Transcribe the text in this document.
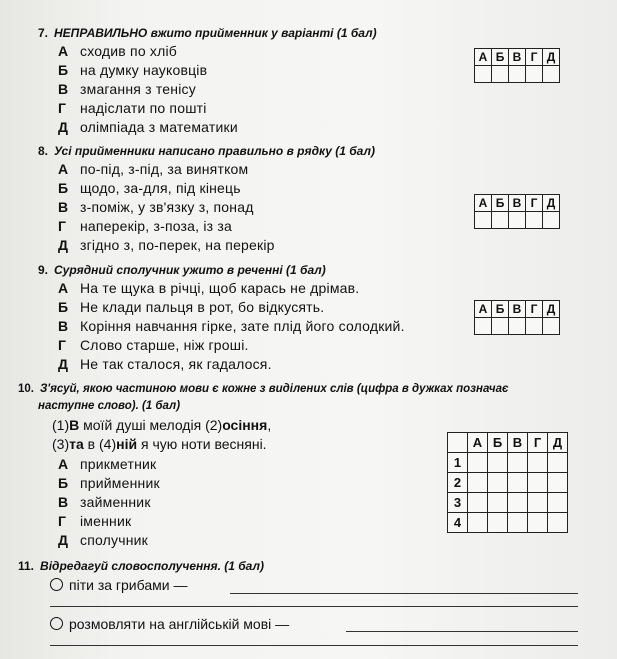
7. НЕПРАВИЛЬНО вжито прийменник у варіанті (1 бал)
А сходив по хліб
Б на думку науковців
В змагання з тенісу
Г надіслати по пошті
Д олімпіада з математики
А	Б	В	Г	Д

8. Усі прийменники написано правильно в рядку (1 бал)
А по-під, з-під, за винятком
Б щодо, за-для, під кінець
В з-поміж, у зв'язку з, понад
Г наперекір, з-поза, із за
Д згідно з, по-перек, на перекір
А	Б	В	Г	Д

9. Сурядний сполучник ужито в реченні (1 бал)
А На те щука в річці, щоб карась не дрімав.
Б Не клади пальця в рот, бо відкусять.
В Коріння навчання гірке, зате плід його солодкий.
Г Слово старше, ніж гроші.
Д Не так сталося, як гадалося.
А	Б	В	Г	Д

10. З'ясуй, якою частиною мови є кожне з виділених слів (цифра в дужках позначає
наступне слово). (1 бал)
(1)В моїй душі мелодія (2)осіння,
(3)та в (4)ній я чую ноти весняні.
А прикметник
Б прийменник
В займенник
Г іменник
Д сполучник
	А	Б	В	Г	Д
1					
2					
3					
4					
11. Відредагуй словосполучення. (1 бал)
піти за грибами —
розмовляти на англійській мові —
